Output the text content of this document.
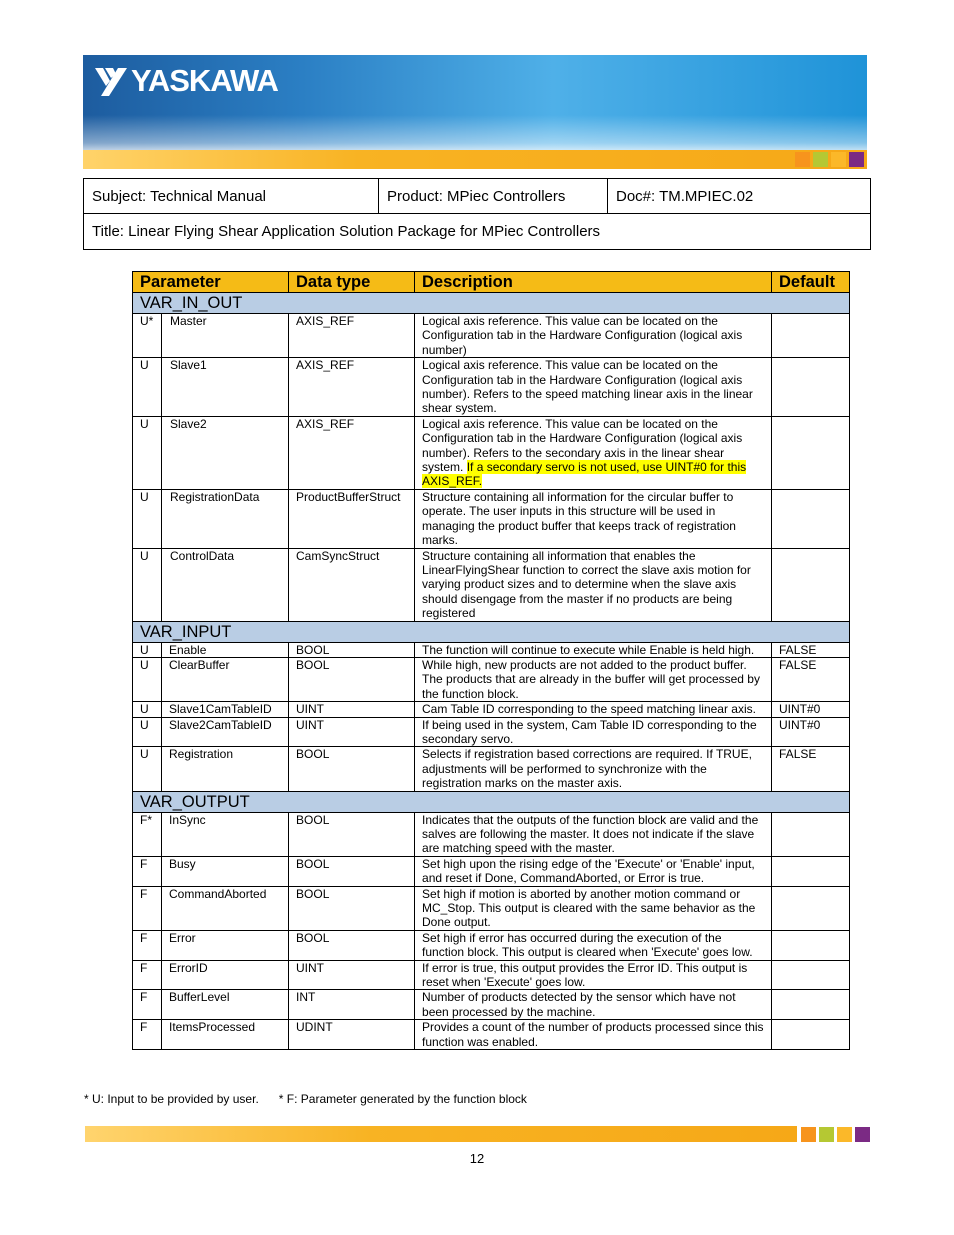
YASKAWA
Subject: Technical Manual	Product: MPiec Controllers	Doc#: TM.MPIEC.02
Title: Linear Flying Shear Application Solution Package for MPiec Controllers
Parameter		Data type	Description	Default
VAR_IN_OUT				
U*	Master	AXIS_REF	Logical axis reference. This value can be located on the Configuration tab in the Hardware Configuration (logical axis number)	
U	Slave1	AXIS_REF	Logical axis reference. This value can be located on the Configuration tab in the Hardware Configuration (logical axis number). Refers to the speed matching linear axis in the linear shear system.	
U	Slave2	AXIS_REF	Logical axis reference. This value can be located on the Configuration tab in the Hardware Configuration (logical axis number). Refers to the secondary axis in the linear shear system. If a secondary servo is not used, use UINT#0 for this AXIS_REF.	
U	RegistrationData	ProductBufferStruct	Structure containing all information for the circular buffer to operate. The user inputs in this structure will be used in managing the product buffer that keeps track of registration marks.	
U	ControlData	CamSyncStruct	Structure containing all information that enables the LinearFlyingShear function to correct the slave axis motion for varying product sizes and to determine when the slave axis should disengage from the master if no products are being registered	
VAR_INPUT				
U	Enable	BOOL	The function will continue to execute while Enable is held high.	FALSE
U	ClearBuffer	BOOL	While high, new products are not added to the product buffer. The products that are already in the buffer will get processed by the function block.	FALSE
U	Slave1CamTableID	UINT	Cam Table ID corresponding to the speed matching linear axis.	UINT#0
U	Slave2CamTableID	UINT	If being used in the system, Cam Table ID corresponding to the secondary servo.	UINT#0
U	Registration	BOOL	Selects if registration based corrections are required. If TRUE, adjustments will be performed to synchronize with the registration marks on the master axis.	FALSE
VAR_OUTPUT				
F*	InSync	BOOL	Indicates that the outputs of the function block are valid and the salves are following the master. It does not indicate if the slave are matching speed with the master.	
F	Busy	BOOL	Set high upon the rising edge of the 'Execute' or 'Enable' input, and reset if Done, CommandAborted, or Error is true.	
F	CommandAborted	BOOL	Set high if motion is aborted by another motion command or MC_Stop. This output is cleared with the same behavior as the Done output.	
F	Error	BOOL	Set high if error has occurred during the execution of the function block. This output is cleared when 'Execute' goes low.	
F	ErrorID	UINT	If error is true, this output provides the Error ID. This output is reset when 'Execute' goes low.	
F	BufferLevel	INT	Number of products detected by the sensor which have not been processed by the machine.	
F	ItemsProcessed	UDINT	Provides a count of the number of products processed since this function was enabled.	
* U: Input to be provided by user.      * F: Parameter generated by the function block
12
